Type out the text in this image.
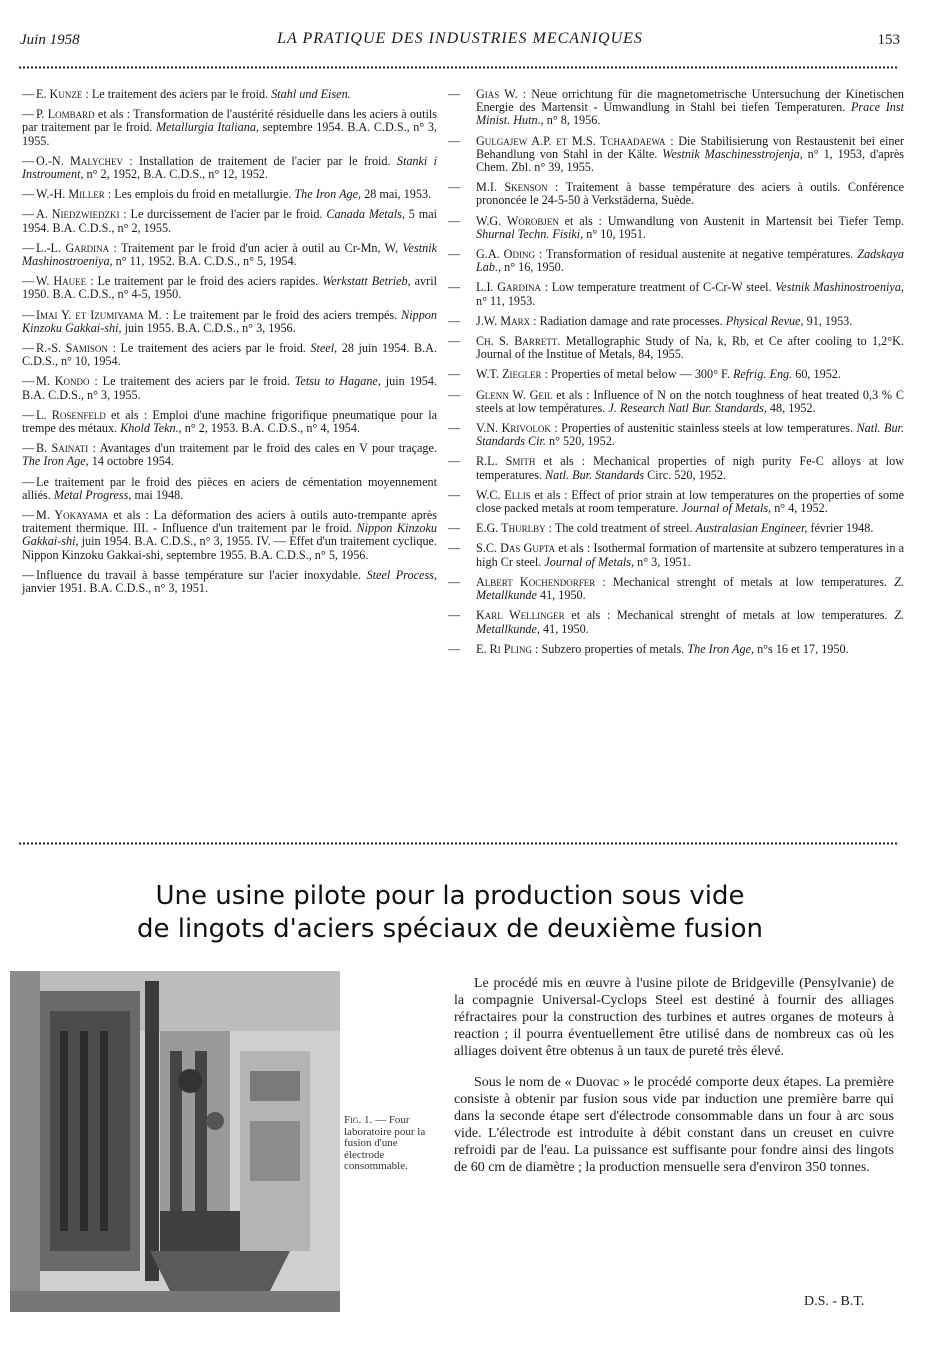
Juin 1958	LA PRATIQUE DES INDUSTRIES MECANIQUES	153
— E. Kunze : Le traitement des aciers par le froid. Stahl und Eisen.
— P. Lombard et als : Transformation de l'austérité résiduelle dans les aciers à outils par traitement par le froid. Metallurgia Italiana, septembre 1954. B.A. C.D.S., n° 3, 1955.
— O.-N. Malychev : Installation de traitement de l'acier par le froid. Stanki i Instroument, n° 2, 1952, B.A. C.D.S., n° 12, 1952.
— W.-H. Miller : Les emplois du froid en metallurgie. The Iron Age, 28 mai, 1953.
— A. Niedzwiedzki : Le durcissement de l'acier par le froid. Canada Metals, 5 mai 1954. B.A. C.D.S., n° 2, 1955.
— L.-L. Gardina : Traitement par le froid d'un acier à outil au Cr-Mn, W, Vestnik Mashinostroeniya, n° 11, 1952. B.A. C.D.S., n° 5, 1954.
— W. Hauee : Le traitement par le froid des aciers rapides. Werkstatt Betrieb, avril 1950. B.A. C.D.S., n° 4-5, 1950.
— Imai Y. et Izumiyama M. : Le traitement par le froid des aciers trempés. Nippon Kinzoku Gakkai-shi, juin 1955. B.A. C.D.S., n° 3, 1956.
— R.-S. Samison : Le traitement des aciers par le froid. Steel, 28 juin 1954. B.A. C.D.S., n° 10, 1954.
— M. Kondo : Le traitement des aciers par le froid. Tetsu to Hagane, juin 1954. B.A. C.D.S., n° 3, 1955.
— L. Rosenfeld et als : Emploi d'une machine frigorifique pneumatique pour la trempe des métaux. Khold Tekn., n° 2, 1953. B.A. C.D.S., n° 4, 1954.
— B. Sainati : Avantages d'un traitement par le froid des cales en V pour traçage. The Iron Age, 14 octobre 1954.
— Le traitement par le froid des pièces en aciers de cémentation moyennement alliés. Metal Progress, mai 1948.
— M. Yokayama et als : La déformation des aciers à outils auto-trempante après traitement thermique. III. - Influence d'un traitement par le froid. Nippon Kinzoku Gakkai-shi, juin 1954. B.A. C.D.S., n° 3, 1955. IV. — Effet d'un traitement cyclique. Nippon Kinzoku Gakkai-shi, septembre 1955. B.A. C.D.S., n° 5, 1956.
— Influence du travail à basse température sur l'acier inoxydable. Steel Process, janvier 1951. B.A. C.D.S., n° 3, 1951.
— Gias W. : Neue orrichtung für die magnetometrische Untersuchung der Kinetischen Energie des Martensit - Umwandlung in Stahl bei tiefen Temperaturen. Prace Inst Minist. Hutn., n° 8, 1956.
— Gulgajew A.P. et M.S. Tchaadaewa : Die Stabilisierung von Restaustenit bei einer Behandlung von Stahl in der Kälte. Westnik Maschinesstrojenja, n° 1, 1953, d'après Chem. Zbl. n° 39, 1955.
— M.I. Skenson : Traitement à basse température des aciers à outils. Conférence prononcée le 24-5-50 à Verkstäderna, Suède.
— W.G. Worobjen et als : Umwandlung von Austenit in Martensit bei Tiefer Temp. Shurnal Techn. Fisiki, n° 10, 1951.
— G.A. Oding : Transformation of residual austenite at negative températures. Zadskaya Lab., n° 16, 1950.
— L.I. Gardina : Low temperature treatment of C-Cr-W steel. Vestnik Mashinostroeniya, n° 11, 1953.
— J.W. Marx : Radiation damage and rate processes. Physical Revue, 91, 1953.
— Ch. S. Barrett. Metallographic Study of Na, k, Rb, et Ce after cooling to 1,2°K. Journal of the Institue of Metals, 84, 1955.
— W.T. Ziegler : Properties of metal below — 300° F. Refrig. Eng. 60, 1952.
— Glenn W. Geil et als : Influence of N on the notch toughness of heat treated 0,3 % C steels at low températures. J. Research Natl Bur. Standards, 48, 1952.
— V.N. Krivolok : Properties of austenitic stainless steels at low temperatures. Natl. Bur. Standards Cir. n° 520, 1952.
— R.L. Smith et als : Mechanical properties of nigh purity Fe-C alloys at low temperatures. Natl. Bur. Standards Circ. 520, 1952.
— W.C. Ellis et als : Effect of prior strain at low temperatures on the properties of some close packed metals at room temperature. Journal of Metals, n° 4, 1952.
— E.G. Thurlby : The cold treatment of streel. Australasian Engineer, février 1948.
— S.C. Das Gupta et als : Isothermal formation of martensite at subzero temperatures in a high Cr steel. Journal of Metals, n° 3, 1951.
— Albert Kochendorfer : Mechanical strenght of metals at low temperatures. Z. Metallkunde 41, 1950.
— Karl Wellinger et als : Mechanical strenght of metals at low temperatures. Z. Metallkunde, 41, 1950.
— E. Ri Pling : Subzero properties of metals. The Iron Age, n°s 16 et 17, 1950.
Une usine pilote pour la production sous vide
de lingots d'aciers spéciaux de deuxième fusion
Fig. 1. — Four laboratoire pour la fusion d'une électrode consommable.

Le procédé mis en œuvre à l'usine pilote de Bridgeville (Pensylvanie) de la compagnie Universal-Cyclops Steel est destiné à fournir des alliages réfractaires pour la construction des turbines et autres organes de moteurs à reaction ; il pourra éventuellement être utilisé dans de nombreux cas où les alliages doivent être obtenus à un taux de pureté très élevé.

Sous le nom de « Duovac » le procédé comporte deux étapes. La première consiste à obtenir par fusion sous vide par induction une première barre qui dans la seconde étape sert d'électrode consommable dans un four à arc sous vide. L'électrode est introduite à débit constant dans un creuset en cuivre refroidi par de l'eau. La puissance est suffisante pour fondre ainsi des lingots de 60 cm de diamètre ; la production mensuelle sera d'environ 350 tonnes.

D.S. - B.T.
